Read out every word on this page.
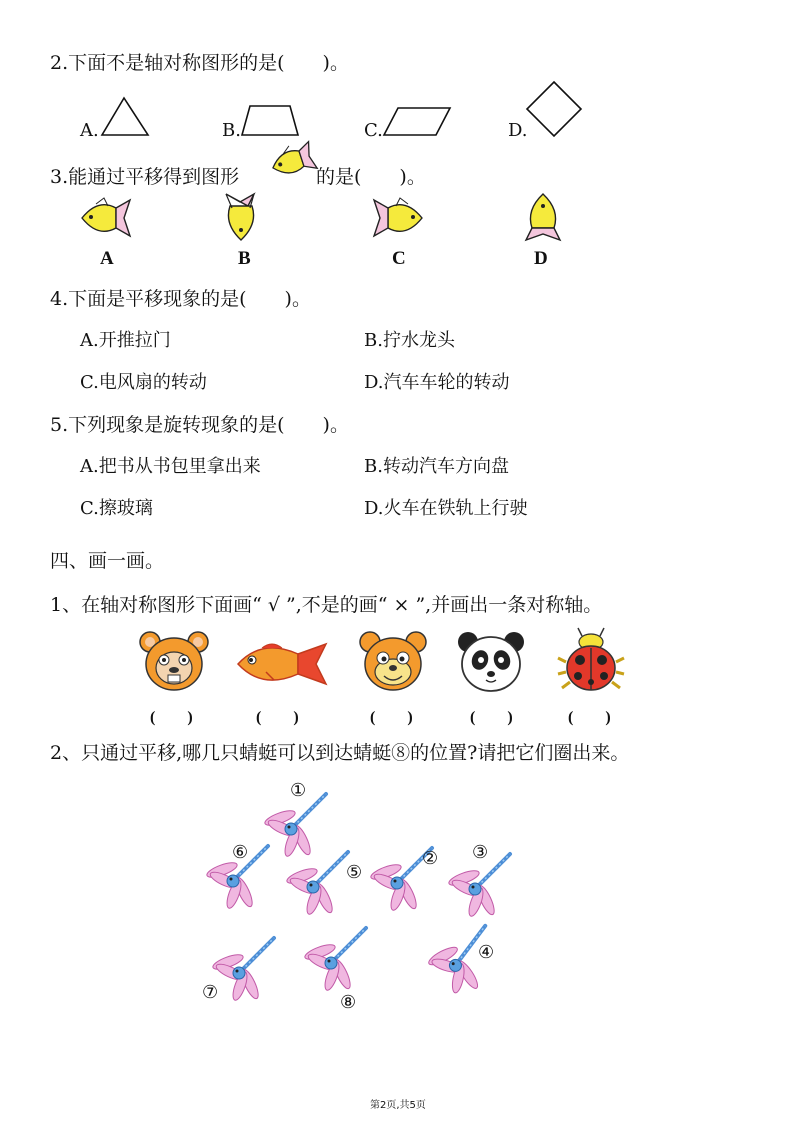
2.下面不是轴对称图形的是(　　)。
A.	B.	C.	D.
3.能通过平移得到图形	的是(　　)。
A	B	C	D
4.下面是平移现象的是(　　)。
A.开推拉门	B.拧水龙头
C.电风扇的转动	D.汽车车轮的转动
5.下列现象是旋转现象的是(　　)。
A.把书从书包里拿出来	B.转动汽车方向盘
C.擦玻璃	D.火车在铁轨上行驶
四、画一画。
1、在轴对称图形下面画“ √ ”,不是的画“ × ”,并画出一条对称轴。
(　　)	(　　)	(　　)	(　　)	(　　)
2、只通过平移,哪几只蜻蜓可以到达蜻蜓⑧的位置?请把它们圈出来。
①
② ③
④
⑤
⑥
⑦	⑧
第2页,共5页
